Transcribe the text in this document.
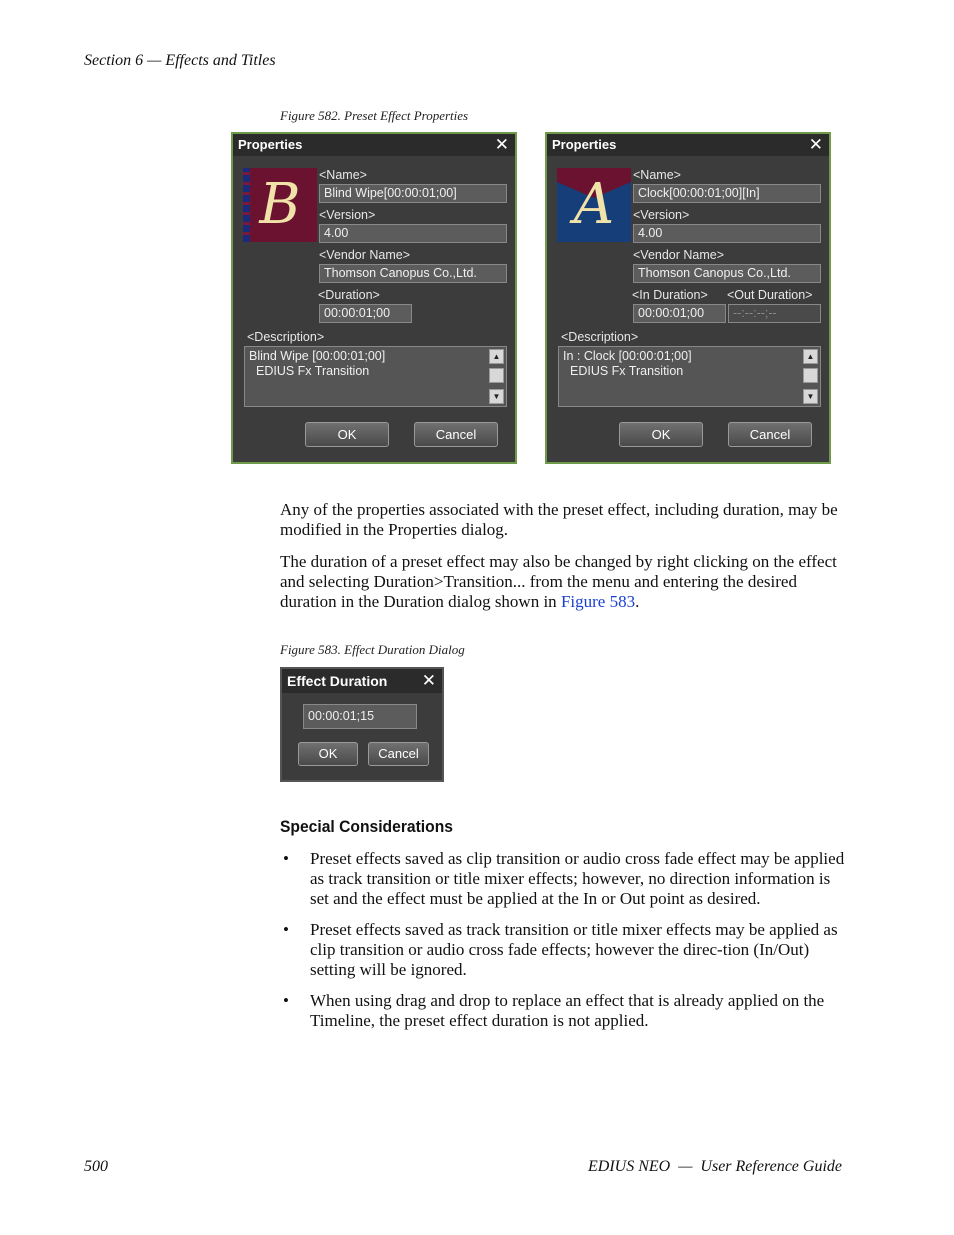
Section 6 — Effects and Titles
Figure 582. Preset Effect Properties
Properties	✕
B	<Name>
Blind Wipe[00:00:01;00]
<Version>
4.00
<Vendor Name>
Thomson Canopus Co.,Ltd.
<Duration>
00:00:01;00
<Description>
Blind Wipe [00:00:01;00]
EDIUS Fx Transition
▲
▼
OK	Cancel
Properties	✕
A	<Name>
Clock[00:00:01;00][In]
<Version>
4.00
<Vendor Name>
Thomson Canopus Co.,Ltd.
<In Duration> <Out Duration>
00:00:01;00	--:--:--;--
<Description>
In : Clock [00:00:01;00]
EDIUS Fx Transition
▲
▼
OK	Cancel

Any of the properties associated with the preset effect, including duration, may be modified in the Properties dialog.

The duration of a preset effect may also be changed by right clicking on the effect and selecting Duration>Transition... from the menu and entering the desired duration in the Duration dialog shown in Figure 583.

Figure 583. Effect Duration Dialog
Effect Duration	✕
00:00:01;15
OK	Cancel
Special Considerations
• Preset effects saved as clip transition or audio cross fade effect may be applied as track transition or title mixer effects; however, no direction information is set and the effect must be applied at the In or Out point as desired.
• Preset effects saved as track transition or title mixer effects may be applied as clip transition or audio cross fade effects; however the direc-tion (In/Out) setting will be ignored.
• When using drag and drop to replace an effect that is already applied on the Timeline, the preset effect duration is not applied.
500	EDIUS NEO  —  User Reference Guide
